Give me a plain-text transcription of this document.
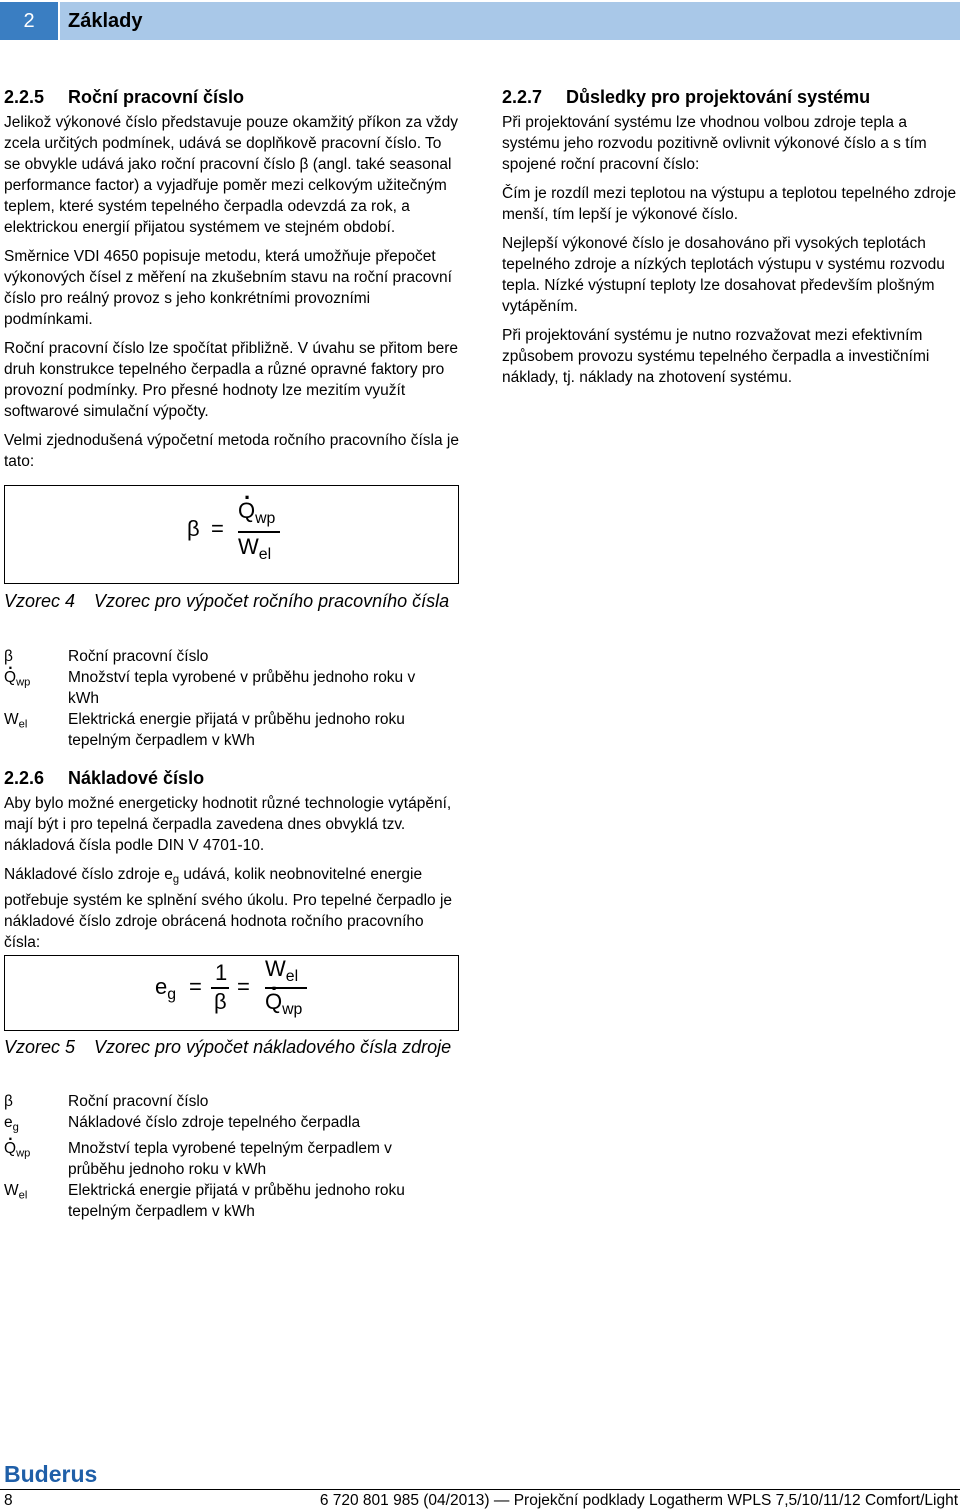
2	Základy
2.2.5	Roční pracovní číslo

Jelikož výkonové číslo představuje pouze okamžitý příkon za vždy zcela určitých podmínek, udává se doplňkově pracovní číslo. To se obvykle udává jako roční pracovní číslo β (angl. také seasonal performance factor) a vyjadřuje poměr mezi celkovým užitečným teplem, které systém tepelného čerpadla odevzdá za rok, a elektrickou energií přijatou systémem ve stejném období.

Směrnice VDI 4650 popisuje metodu, která umožňuje přepočet výkonových čísel z měření na zkušebním stavu na roční pracovní číslo pro reálný provoz s jeho konkrétními provozními podmínkami.

Roční pracovní číslo lze spočítat přibližně. V úvahu se přitom bere druh konstrukce tepelného čerpadla a různé opravné faktory pro provozní podmínky. Pro přesné hodnoty lze mezitím využít softwarové simulační výpočty.

Velmi zjednodušená výpočetní metoda ročního pracovního čísla je tato:

β =
. $Q_{wp}$
$W_{el}$
Vzorec 4	Vzorec pro výpočet ročního pracovního čísla
β	Roční pracovní číslo
. $Q_{wp}$	Množství tepla vyrobené v průběhu jednoho roku v kWh
$W_{el}$	Elektrická energie přijatá v průběhu jednoho roku tepelným čerpadlem v kWh
2.2.6	Nákladové číslo

Aby bylo možné energeticky hodnotit různé technologie vytápění, mají být i pro tepelná čerpadla zavedena dnes obvyklá tzv. nákladová čísla podle DIN V 4701-10.

Nákladové číslo zdroje $e_g$ udává, kolik neobnovitelné energie potřebuje systém ke splnění svého úkolu. Pro tepelné čerpadlo je nákladové číslo zdroje obrácená hodnota ročního pracovního čísla:

$e_g$ =
1
β
=
$W_{el}$
. $Q_{wp}$
Vzorec 5	Vzorec pro výpočet nákladového čísla zdroje
β	Roční pracovní číslo
$e_g$	Nákladové číslo zdroje tepelného čerpadla
. $Q_{wp}$	Množství tepla vyrobené tepelným čerpadlem v průběhu jednoho roku v kWh
$W_{el}$	Elektrická energie přijatá v průběhu jednoho roku tepelným čerpadlem v kWh
2.2.7	Důsledky pro projektování systému

Při projektování systému lze vhodnou volbou zdroje tepla a systému jeho rozvodu pozitivně ovlivnit výkonové číslo a s tím spojené roční pracovní číslo:

Čím je rozdíl mezi teplotou na výstupu a teplotou tepelného zdroje menší, tím lepší je výkonové číslo.

Nejlepší výkonové číslo je dosahováno při vysokých teplotách tepelného zdroje a nízkých teplotách výstupu v systému rozvodu tepla. Nízké výstupní teploty lze dosahovat především plošným vytápěním.

Při projektování systému je nutno rozvažovat mezi efektivním způsobem provozu systému tepelného čerpadla a investičními náklady, tj. náklady na zhotovení systému.

Buderus
8	6 720 801 985 (04/2013) — Projekční podklady Logatherm WPLS 7,5/10/11/12 Comfort/Light
